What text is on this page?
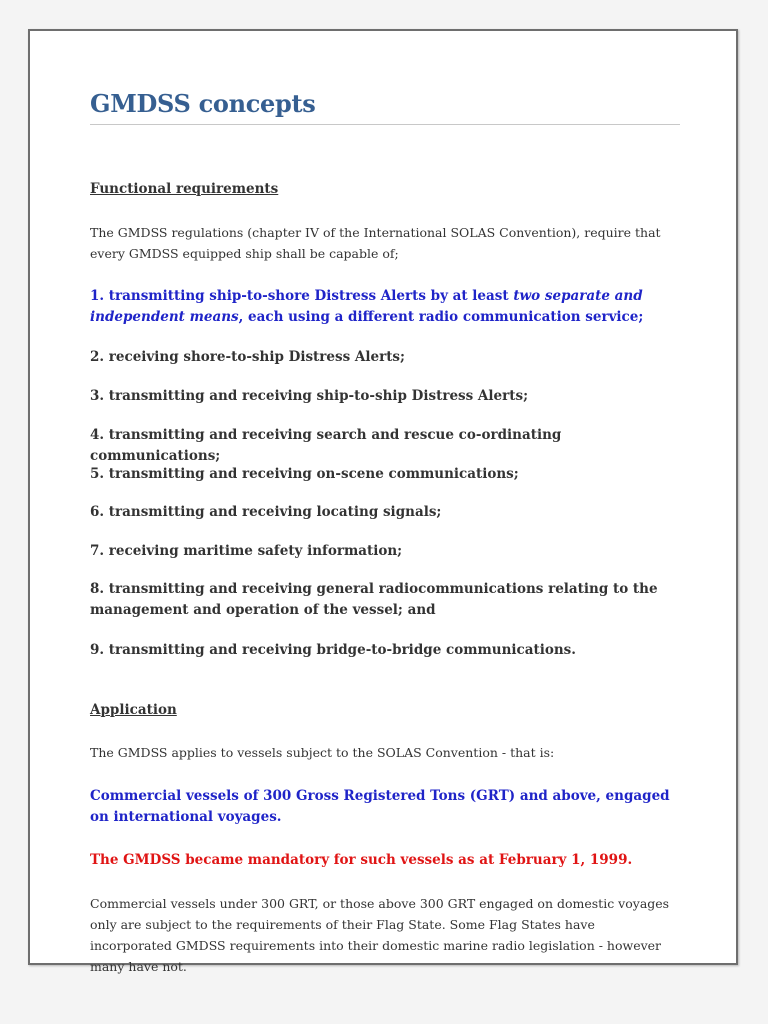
GMDSS concepts

Functional requirements

The GMDSS regulations (chapter IV of the International SOLAS Convention), require that every GMDSS equipped ship shall be capable of;

1. transmitting ship-to-shore Distress Alerts by at least two separate and independent means, each using a different radio communication service;

2. receiving shore-to-ship Distress Alerts;

3. transmitting and receiving ship-to-ship Distress Alerts;

4. transmitting and receiving search and rescue co-ordinating communications;

5. transmitting and receiving on-scene communications;

6. transmitting and receiving locating signals;

7. receiving maritime safety information;

8. transmitting and receiving general radiocommunications relating to the management and operation of the vessel; and

9. transmitting and receiving bridge-to-bridge communications.

Application

The GMDSS applies to vessels subject to the SOLAS Convention - that is:

Commercial vessels of 300 Gross Registered Tons (GRT) and above, engaged on international voyages.

The GMDSS became mandatory for such vessels as at February 1, 1999.

Commercial vessels under 300 GRT, or those above 300 GRT engaged on domestic voyages only are subject to the requirements of their Flag State. Some Flag States have incorporated GMDSS requirements into their domestic marine radio legislation - however many have not.
